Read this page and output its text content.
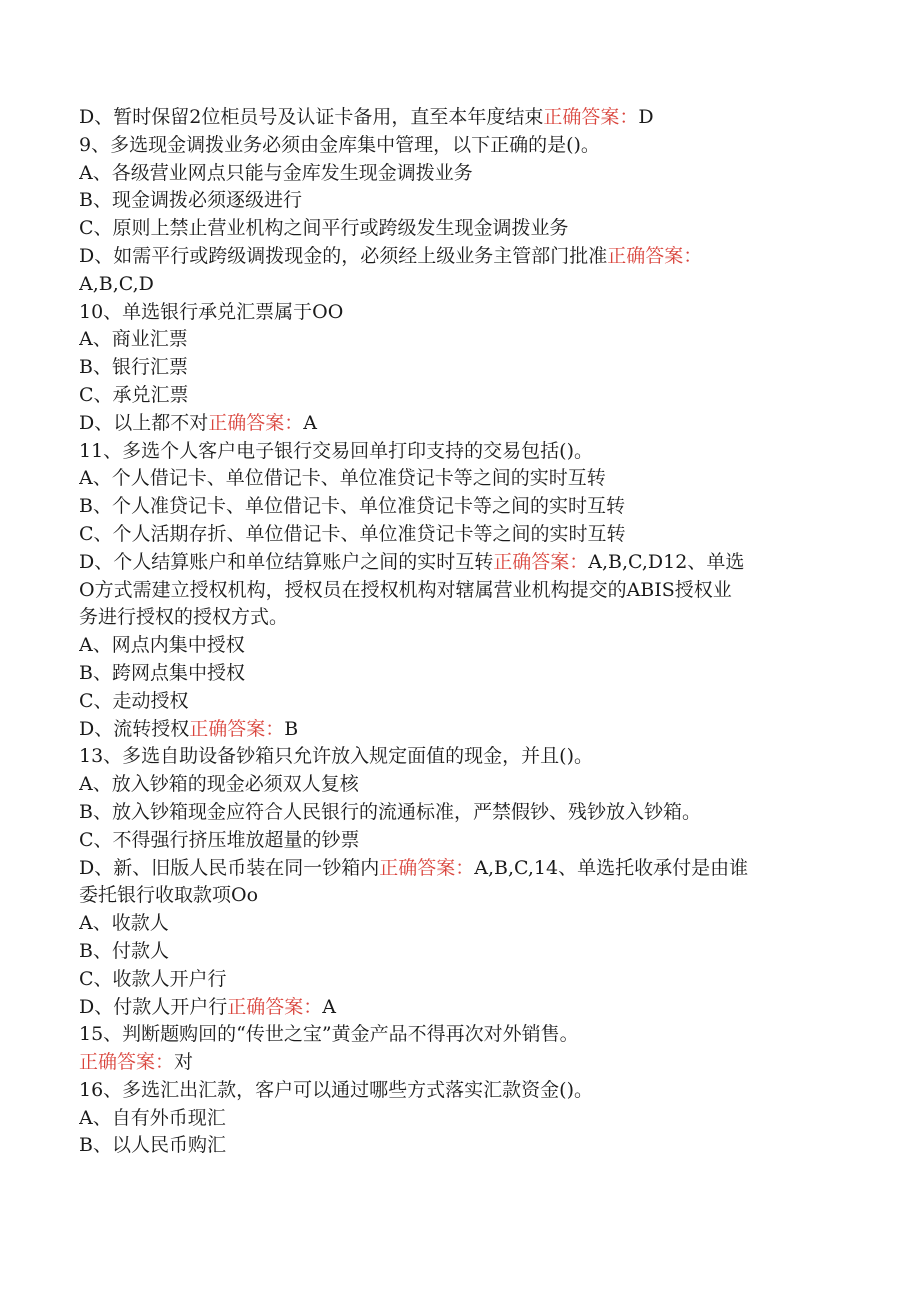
D、暂时保留2位柜员号及认证卡备用，直至本年度结束正确答案：D
9、多选现金调拨业务必须由金库集中管理，以下正确的是()。
A、各级营业网点只能与金库发生现金调拨业务
B、现金调拨必须逐级进行
C、原则上禁止营业机构之间平行或跨级发生现金调拨业务
D、如需平行或跨级调拨现金的，必须经上级业务主管部门批准正确答案：
A,B,C,D
10、单选银行承兑汇票属于OO
A、商业汇票
B、银行汇票
C、承兑汇票
D、以上都不对正确答案：A
11、多选个人客户电子银行交易回单打印支持的交易包括()。
A、个人借记卡、单位借记卡、单位准贷记卡等之间的实时互转
B、个人准贷记卡、单位借记卡、单位准贷记卡等之间的实时互转
C、个人活期存折、单位借记卡、单位准贷记卡等之间的实时互转
D、个人结算账户和单位结算账户之间的实时互转正确答案：A,B,C,D12、单选
O方式需建立授权机构，授权员在授权机构对辖属营业机构提交的ABIS授权业
务进行授权的授权方式。
A、网点内集中授权
B、跨网点集中授权
C、走动授权
D、流转授权正确答案：B
13、多选自助设备钞箱只允许放入规定面值的现金，并且()。
A、放入钞箱的现金必须双人复核
B、放入钞箱现金应符合人民银行的流通标准，严禁假钞、残钞放入钞箱。
C、不得强行挤压堆放超量的钞票
D、新、旧版人民币装在同一钞箱内正确答案：A,B,C,14、单选托收承付是由谁
委托银行收取款项Oo
A、收款人
B、付款人
C、收款人开户行
D、付款人开户行正确答案：A
15、判断题购回的“传世之宝”黄金产品不得再次对外销售。
正确答案：对
16、多选汇出汇款，客户可以通过哪些方式落实汇款资金()。
A、自有外币现汇
B、以人民币购汇
